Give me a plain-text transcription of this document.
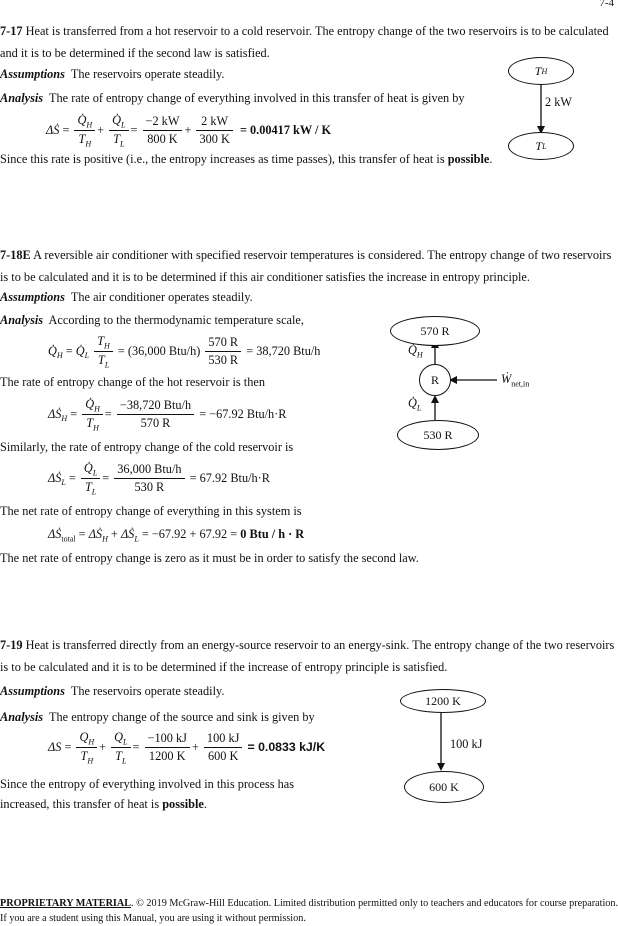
7-4
7-17 Heat is transferred from a hot reservoir to a cold reservoir. The entropy change of the two reservoirs is to be calculated and it is to be determined if the second law is satisfied.
Assumptions The reservoirs operate steadily.
Analysis The rate of entropy change of everything involved in this transfer of heat is given by
ΔṠ = $\frac{Q̇_H}{T_H} + \frac{Q̇_L}{T_L} = \frac{-2 kW}{800 K} + \frac{2 kW}{300 K} = 0.00417$ kW / K
Since this rate is positive (i.e., the entropy increases as time passes), this transfer of heat is possible.
T H
T L
2 kW
7-18E A reversible air conditioner with specified reservoir temperatures is considered. The entropy change of two reservoirs is to be calculated and it is to be determined if this air conditioner satisfies the increase in entropy principle.
Assumptions The air conditioner operates steadily.
Analysis According to the thermodynamic temperature scale,
$Q̇_H$ = $Q̇_L \frac{T_H}{T_L} = (36,000$ $Btu/h) \frac{570 R}{530 R} = 38,720$ Btu/h
The rate of entropy change of the hot reservoir is then
ΔṠ$_H$ = $\frac{Q̇_H}{T_H} = \frac{\text{−38,720 Btu/h}}{570 R} = -67.92$ Btu/h·R
Similarly, the rate of entropy change of the cold reservoir is
ΔṠ$_L$ = $\frac{Q̇_L}{T_L} = \frac{\text{36,000 Btu/h}}{530 R} = 67.92$ Btu/h·R
The net rate of entropy change of everything in this system is
ΔṠ$_{total}$ = ΔṠ$_H$ + ΔṠ$_L$ = −67.92 + 67.92 = 0 Btu / h · R
The net rate of entropy change is zero as it must be in order to satisfy the second law.
570 R
R
530 R
$Q̇_H$
$Q̇_L$
Ẇ$_{net,in}$
7-19 Heat is transferred directly from an energy-source reservoir to an energy-sink. The entropy change of the two reservoirs is to be calculated and it is to be determined if the increase of entropy principle is satisfied.
Assumptions The reservoirs operate steadily.
Analysis The entropy change of the source and sink is given by
$\Delta S = \frac{Q_H}{T_H} + \frac{Q_L}{T_L} = \frac{-100 kJ}{1200 K} + \frac{100 kJ}{600 K} = 0.0833$ kJ/K
Since the entropy of everything involved in this process has
increased, this transfer of heat is possible.
1200 K
600 K
100 kJ
PROPRIETARY MATERIAL. © 2019 McGraw-Hill Education. Limited distribution permitted only to teachers and educators for course preparation.
If you are a student using this Manual, you are using it without permission.
